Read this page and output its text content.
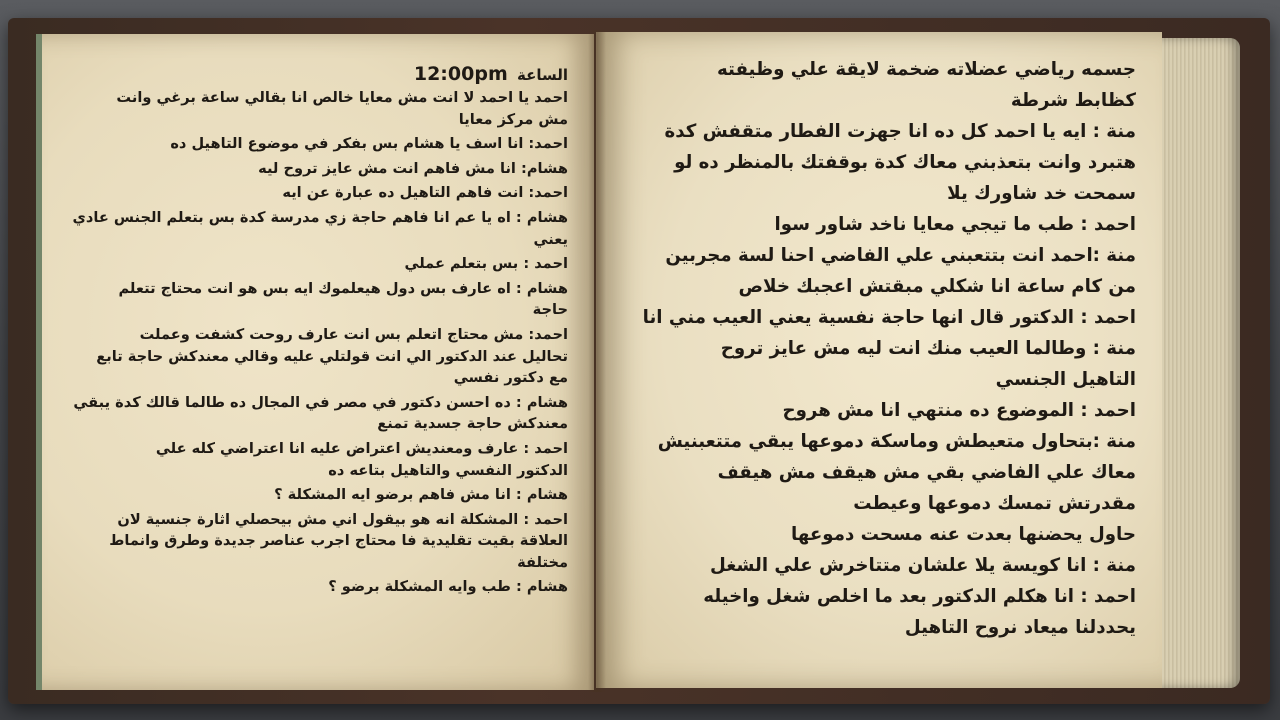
الساعة 12:00pm
احمد يا احمد لا انت مش معايا خالص انا بقالي ساعة برغي وانت
مش مركز معايا
احمد: انا اسف يا هشام بس بفكر في موضوع التاهيل ده
هشام: انا مش فاهم انت مش عايز تروح ليه
احمد: انت فاهم التاهيل ده عبارة عن ايه
هشام : اه يا عم انا فاهم حاجة زي مدرسة كدة بس بتعلم الجنس عادي
يعني
احمد : بس بتعلم عملي
هشام : اه عارف بس دول هيعلموك ايه بس هو انت محتاج تتعلم
حاجة
احمد: مش محتاج اتعلم بس انت عارف روحت كشفت وعملت
تحاليل عند الدكتور الي انت قولتلي عليه وقالي معندكش حاجة تابع
مع دكتور نفسي
هشام : ده احسن دكتور في مصر في المجال ده طالما قالك كدة يبقي
معندكش حاجة جسدية تمنع
احمد : عارف ومعنديش اعتراض عليه انا اعتراضي كله علي
الدكتور النفسي والتاهيل بتاعه ده
هشام : انا مش فاهم برضو ايه المشكلة ؟
احمد : المشكلة انه هو بيقول اني مش بيحصلي اثارة جنسية لان
العلاقة بقيت تقليدية فا محتاج اجرب عناصر جديدة وطرق وانماط
مختلفة
هشام : طب وايه المشكلة برضو ؟
جسمه رياضي عضلاته ضخمة لايقة علي وظيفته
كظابط شرطة
منة : ايه يا احمد كل ده انا جهزت الفطار متقفش كدة
هتبرد وانت بتعذبني معاك كدة بوقفتك بالمنظر ده لو
سمحت خد شاورك يلا
احمد : طب ما تيجي معايا ناخد شاور سوا
منة :احمد انت بتتعبني علي الفاضي احنا لسة مجربين
من كام ساعة انا شكلي مبقتش اعجبك خلاص
احمد : الدكتور قال انها حاجة نفسية يعني العيب مني انا
منة : وطالما العيب منك انت ليه مش عايز تروح
التاهيل الجنسي
احمد : الموضوع ده منتهي انا مش هروح
منة :بتحاول متعيطش وماسكة دموعها يبقي متتعبنيش
معاك علي الفاضي بقي مش هيقف مش هيقف
مقدرتش تمسك دموعها وعيطت
حاول يحضنها بعدت عنه مسحت دموعها
منة : انا كويسة يلا علشان متتاخرش علي الشغل
احمد : انا هكلم الدكتور بعد ما اخلص شغل واخيله
يحددلنا ميعاد نروح التاهيل
